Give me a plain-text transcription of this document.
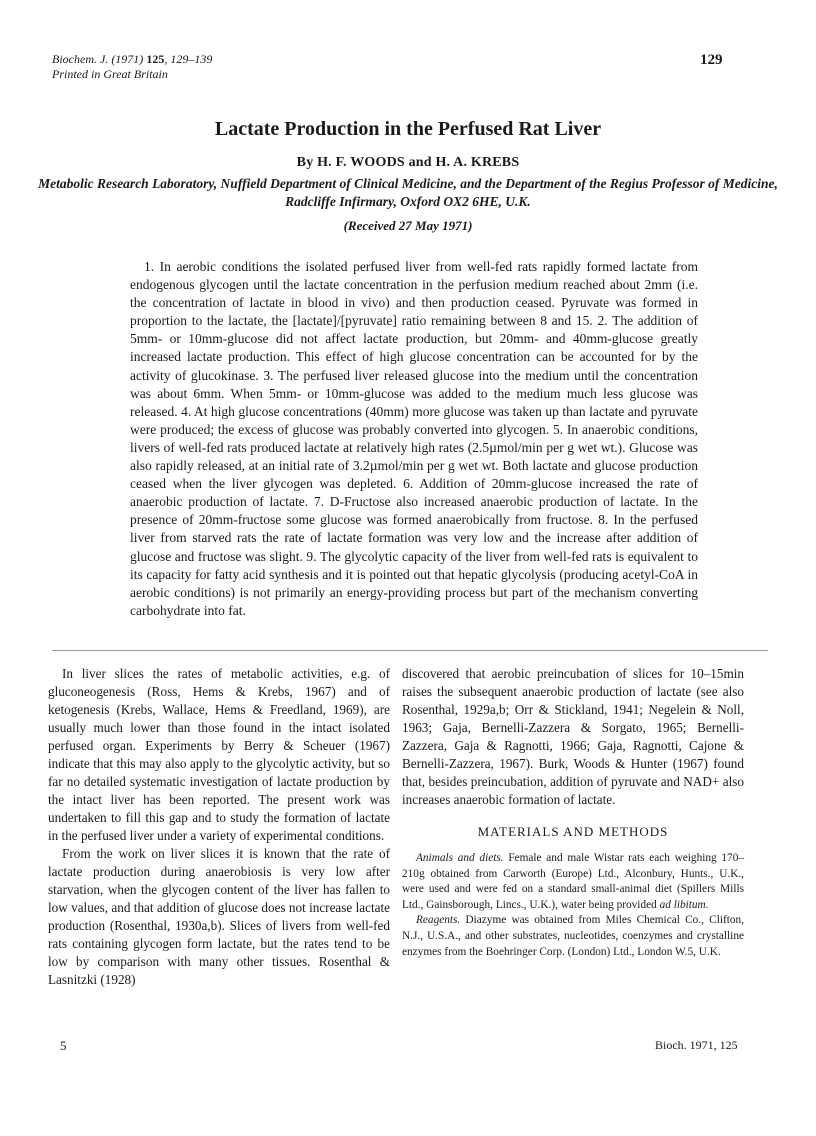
Biochem. J. (1971) 125, 129–139
Printed in Great Britain
129
Lactate Production in the Perfused Rat Liver
By H. F. WOODS and H. A. KREBS
Metabolic Research Laboratory, Nuffield Department of Clinical Medicine, and the Department of the Regius Professor of Medicine, Radcliffe Infirmary, Oxford OX2 6HE, U.K.
(Received 27 May 1971)

1. In aerobic conditions the isolated perfused liver from well-fed rats rapidly formed lactate from endogenous glycogen until the lactate concentration in the perfusion medium reached about 2mm (i.e. the concentration of lactate in blood in vivo) and then production ceased. Pyruvate was formed in proportion to the lactate, the [lactate]/[pyruvate] ratio remaining between 8 and 15. 2. The addition of 5mm- or 10mm-glucose did not affect lactate production, but 20mm- and 40mm-glucose greatly increased lactate production. This effect of high glucose concentration can be accounted for by the activity of glucokinase. 3. The perfused liver released glucose into the medium until the concentration was about 6mm. When 5mm- or 10mm-glucose was added to the medium much less glucose was released. 4. At high glucose concentrations (40mm) more glucose was taken up than lactate and pyruvate were produced; the excess of glucose was probably converted into glycogen. 5. In anaerobic conditions, livers of well-fed rats produced lactate at relatively high rates (2.5µmol/min per g wet wt.). Glucose was also rapidly released, at an initial rate of 3.2µmol/min per g wet wt. Both lactate and glucose production ceased when the liver glycogen was depleted. 6. Addition of 20mm-glucose increased the rate of anaerobic production of lactate. 7. D-Fructose also increased anaerobic production of lactate. In the presence of 20mm-fructose some glucose was formed anaerobically from fructose. 8. In the perfused liver from starved rats the rate of lactate formation was very low and the increase after addition of glucose and fructose was slight. 9. The glycolytic capacity of the liver from well-fed rats is equivalent to its capacity for fatty acid synthesis and it is pointed out that hepatic glycolysis (producing acetyl-CoA in aerobic conditions) is not primarily an energy-providing process but part of the mechanism converting carbohydrate into fat.

In liver slices the rates of metabolic activities, e.g. of gluconeogenesis (Ross, Hems & Krebs, 1967) and of ketogenesis (Krebs, Wallace, Hems & Freedland, 1969), are usually much lower than those found in the intact isolated perfused organ. Experiments by Berry & Scheuer (1967) indicate that this may also apply to the glycolytic activity, but so far no detailed systematic investigation of lactate production by the intact liver has been reported. The present work was undertaken to fill this gap and to study the formation of lactate in the perfused liver under a variety of experimental conditions.

From the work on liver slices it is known that the rate of lactate production during anaerobiosis is very low after starvation, when the glycogen content of the liver has fallen to low values, and that addition of glucose does not increase lactate production (Rosenthal, 1930a,b). Slices of livers from well-fed rats containing glycogen form lactate, but the rates tend to be low by comparison with many other tissues. Rosenthal & Lasnitzki (1928)

discovered that aerobic preincubation of slices for 10–15min raises the subsequent anaerobic production of lactate (see also Rosenthal, 1929a,b; Orr & Stickland, 1941; Negelein & Noll, 1963; Gaja, Bernelli-Zazzera & Sorgato, 1965; Bernelli-Zazzera, Gaja & Ragnotti, 1966; Gaja, Ragnotti, Cajone & Bernelli-Zazzera, 1967). Burk, Woods & Hunter (1967) found that, besides preincubation, addition of pyruvate and NAD+ also increases anaerobic formation of lactate.

MATERIALS AND METHODS

Animals and diets. Female and male Wistar rats each weighing 170–210g obtained from Carworth (Europe) Ltd., Alconbury, Hunts., U.K., were used and were fed on a standard small-animal diet (Spillers Mills Ltd., Gainsborough, Lincs., U.K.), water being provided ad libitum.

Reagents. Diazyme was obtained from Miles Chemical Co., Clifton, N.J., U.S.A., and other substrates, nucleotides, coenzymes and crystalline enzymes from the Boehringer Corp. (London) Ltd., London W.5, U.K.

5	Bioch. 1971, 125
